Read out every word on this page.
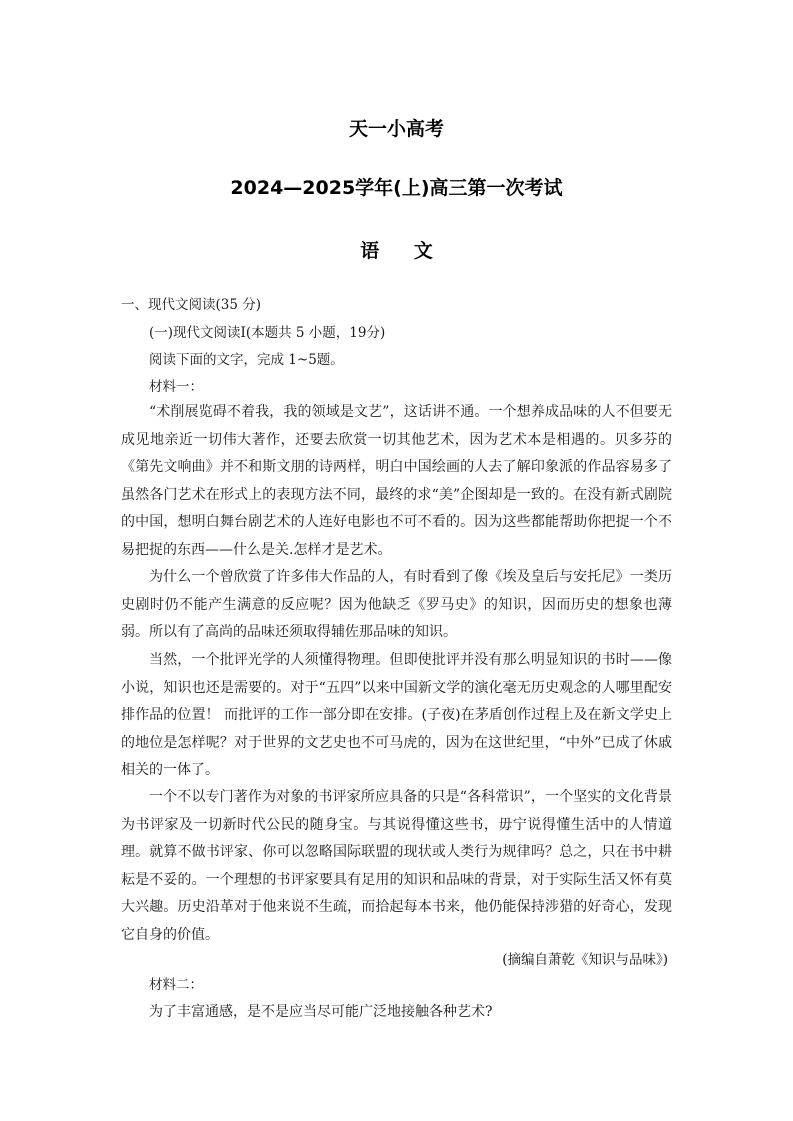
天一小高考
2024—2025学年(上)高三第一次考试
语 文
一、现代文阅读(35 分)
(一)现代文阅读Ⅰ(本题共 5 小题，19分)
阅读下面的文字，完成 1~5题。
材料一：
“术削展览碍不着我，我的领域是文艺”，这话讲不通。一个想养成品味的人不但要无成见地亲近一切伟大著作，还要去欣赏一切其他艺术，因为艺术本是相遇的。贝多芬的《第先文响曲》并不和斯文朋的诗两样，明白中国绘画的人去了解印象派的作品容易多了虽然各门艺术在形式上的表现方法不同，最终的求“美”企图却是一致的。在没有新式剧院的中国，想明白舞台剧艺术的人连好电影也不可不看的。因为这些都能帮助你把捉一个不易把捉的东西——什么是关.怎样才是艺术。
为什么一个曾欣赏了许多伟大作品的人，有时看到了像《埃及皇后与安托尼》一类历史剧时仍不能产生满意的反应呢？因为他缺乏《罗马史》的知识，因而历史的想象也薄弱。所以有了高尚的品味还须取得辅佐那品味的知识。
当然，一个批评光学的人须懂得物理。但即使批评并没有那么明显知识的书时——像小说，知识也还是需要的。对于“五四”以来中国新文学的演化毫无历史观念的人哪里配安排作品的位置！ 而批评的工作一部分即在安排。(子夜)在茅盾创作过程上及在新文学史上的地位是怎样呢？对于世界的文艺史也不可马虎的，因为在这世纪里，“中外”已成了休戚相关的一体了。
一个不以专门著作为对象的书评家所应具备的只是“各科常识”，一个坚实的文化背景为书评家及一切新时代公民的随身宝。与其说得懂这些书，毋宁说得懂生活中的人情道理。就算不做书评家、你可以忽略国际联盟的现状或人类行为规律吗？总之，只在书中耕耘是不妥的。一个理想的书评家要具有足用的知识和品味的背景，对于实际生活又怀有莫大兴趣。历史沿革对于他来说不生疏，而拾起每本书来，他仍能保持涉猎的好奇心，发现它自身的价值。
(摘编自萧乾《知识与品味》)
材料二：
为了丰富通感，是不是应当尽可能广泛地接触各种艺术?
